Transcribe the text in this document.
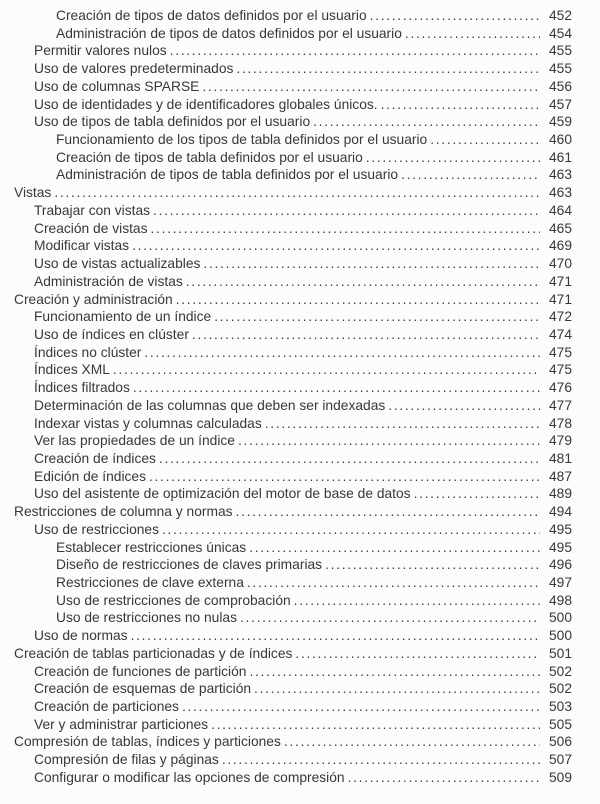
Creación de tipos de datos definidos por el usuario .....	452
Administración de tipos de datos definidos por el usuario .....	454
Permitir valores nulos .....	455
Uso de valores predeterminados .....	455
Uso de columnas SPARSE .....	456
Uso de identidades y de identificadores globales únicos. .....	457
Uso de tipos de tabla definidos por el usuario .....	459
Funcionamiento de los tipos de tabla definidos por el usuario .....	460
Creación de tipos de tabla definidos por el usuario .....	461
Administración de tipos de tabla definidos por el usuario .....	463
Vistas .....	463
Trabajar con vistas .....	464
Creación de vistas .....	465
Modificar vistas .....	469
Uso de vistas actualizables .....	470
Administración de vistas .....	471
Creación y administración .....	471
Funcionamiento de un índice .....	472
Uso de índices en clúster .....	474
Índices no clúster .....	475
Índices XML .....	475
Índices filtrados .....	476
Determinación de las columnas que deben ser indexadas .....	477
Indexar vistas y columnas calculadas .....	478
Ver las propiedades de un índice .....	479
Creación de índices .....	481
Edición de índices .....	487
Uso del asistente de optimización del motor de base de datos .....	489
Restricciones de columna y normas .....	494
Uso de restricciones .....	495
Establecer restricciones únicas .....	495
Diseño de restricciones de claves primarias .....	496
Restricciones de clave externa .....	497
Uso de restricciones de comprobación .....	498
Uso de restricciones no nulas .....	500
Uso de normas .....	500
Creación de tablas particionadas y de índices .....	501
Creación de funciones de partición .....	502
Creación de esquemas de partición .....	502
Creación de particiones .....	503
Ver y administrar particiones .....	505
Compresión de tablas, índices y particiones .....	506
Compresión de filas y páginas .....	507
Configurar o modificar las opciones de compresión .....	509
